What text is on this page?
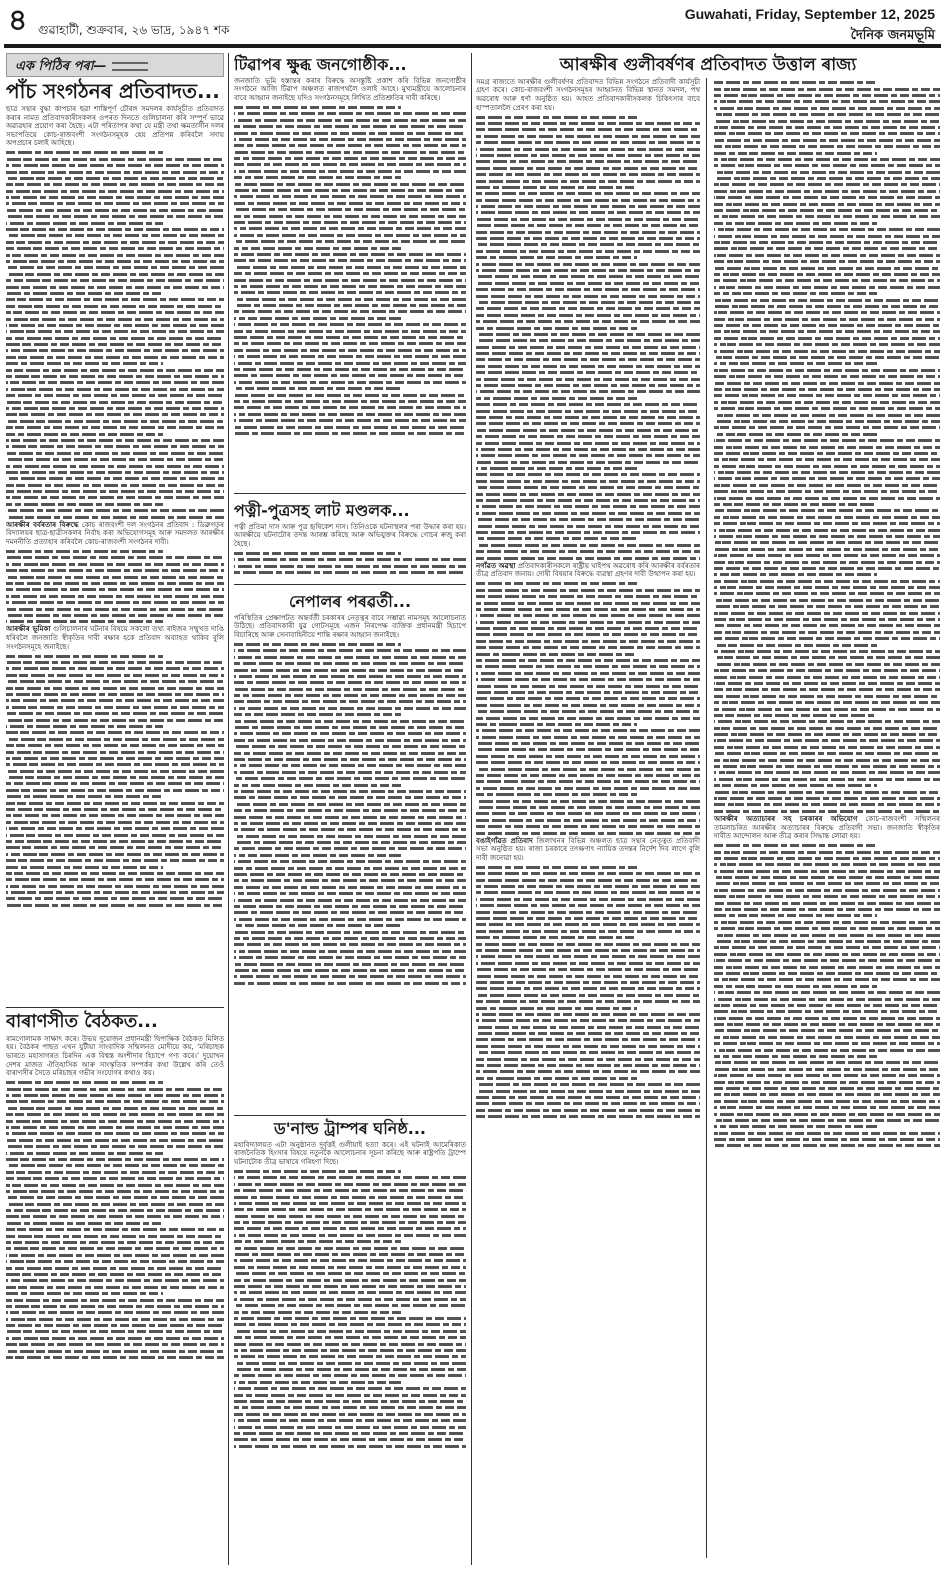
৪ গুৱাহাটী, শুক্ৰবাৰ, ২৬ ভাদ্ৰ, ১৯৪৭ শক
Guwahati, Friday, September 12, 2025
দৈনিক জনমভূমি
এক পিঠিৰ পৰা—
পাঁচ সংগঠনৰ প্ৰতিবাদত...
ছাত্ৰ সন্থাৰ বুদ্ধা কাপচাৰ ছৱা শাস্তিপূৰ্ণ চৌৰঙ্গ সমদলৰ কাৰ্যসূচীত প্ৰতিবাদত কৰাৰ নামত প্ৰতিবাদকাৰীসকলৰ ওপৰত দিনতে গুলিচালনা কৰি সম্পূৰ্ণ ভাৱে অৱ্যৱহাৰ প্ৰয়োগ কৰা হৈছে। এটা পৰিতাপৰ কথা যে মন্ত্ৰী তথা ক্ষমতাসীন দলৰ সভাপতিয়ে কোচ-ৰাজবংশী সংগঠনসমূহক হেয় প্ৰতিপন্ন কৰিবলৈ সদায় অপপ্ৰচাৰ চলাই আহিছে।
আৰক্ষীৰ বৰ্বৰতাৰ বিৰুদ্ধে কোচ ৰাজবংশী দল সংগঠনৰ প্ৰতিবাদ : ডিব্ৰুগড়ৰ বিদ্যালয়ৰ ছাত্ৰ-ছাত্ৰীসকলৰ নিৰ্বাহ কৰা অভিযোগসমূহ আৰু সমদলত আৰক্ষীৰ দমননীতি প্ৰত্যাহাৰ কৰিবলৈ কোচ-ৰাজবংশী সংগঠনৰ দাবী।
আৰক্ষীৰ ভূমিকা গুলিচালনাৰ ঘটনাৰ বিষয়ে সকলো তথ্য ৰাইজৰ সন্মুখত দাঙি ধৰিবলৈ জনজাতি স্বীকৃতিৰ দাবী ৰক্ষাৰ হকে প্ৰতিবাদ অব্যাহত থাকিব বুলি সংগঠনসমূহে জনাইছে।
বাৰাণসীত বৈঠকত...
ৰামগোলামক সাক্ষাৎ কৰে। উভয় দুয়োজন প্ৰধানমন্ত্ৰী দ্বিপাক্ষিক বৈঠকত মিলিত হয়। বৈঠকৰ পাছত এখন যুটীয়া সাংবাদিক সন্মিলনত মোদীয়ে কয়, ‘মৰিচাছক ভাৰতে মহাসাগৰত চিৰদিন এক বিশ্বস্ত অংশীদাৰ হিচাপে গণ্য কৰে।’ দুয়োখন দেশৰ মাজত ঐতিহাসিক আৰু সাংস্কৃতিক সম্পৰ্কৰ কথা উল্লেখ কৰি তেওঁ বাৰাণসীৰ সৈতে মৰিচাছৰ গভীৰ সংযোগৰ কথাও কয়।
টিৱাপৰ ক্ষুব্ধ জনগোষ্ঠীক...
জনজাতি ভূমি হস্তান্তৰ কৰাৰ বিৰুদ্ধে অসন্তুষ্টি প্ৰকাশ কৰি বিভিন্ন জনগোষ্ঠীৰ সংগঠনে আজি টিৱাপ অঞ্চলত ৰাজপথলৈ ওলাই আহে। মুখ্যমন্ত্ৰীয়ে আলোচনাৰ বাবে আহ্বান জনাইছে যদিও সংগঠনসমূহে লিখিত প্ৰতিশ্ৰুতিৰ দাবী কৰিছে।
পত্নী-পুত্ৰসহ লাট মণ্ডলক...
পত্নী প্ৰতিমা দাস আৰু পুত্ৰ হৃষিকেশ দাস। তিনিওকে ঘটনাস্থলৰ পৰা উদ্ধাৰ কৰা হয়। আৰক্ষীয়ে ঘটনাটোৰ তদন্ত আৰম্ভ কৰিছে আৰু অভিযুক্তৰ বিৰুদ্ধে গোচৰ ৰুজু কৰা হৈছে।
নেপালৰ পৰৱৰ্তী...
পৰিস্থিতিৰ প্ৰেক্ষাপটত অন্তৰ্বৰ্তী চৰকাৰৰ নেতৃত্বৰ বাবে সম্ভাৱ্য নামসমূহ আলোচনাত উঠিছে। প্ৰতিবাদকাৰী যুৱ গোটসমূহে এজন নিৰপেক্ষ ব্যক্তিক প্ৰধানমন্ত্ৰী হিচাপে বিচাৰিছে আৰু সেনাবাহিনীয়ে শান্তি ৰক্ষাৰ আহ্বান জনাইছে।
ড'নাল্ড ট্ৰাম্পৰ ঘনিষ্ঠ...
মহাবিদ্যালয়ত এটা অনুষ্ঠানত দুৰ্বৃত্তই গুলীয়াই হত্যা কৰে। এই ঘটনাই আমেৰিকাত ৰাজনৈতিক হিংসাৰ বিষয়ে নতুনকৈ আলোচনাৰ সূচনা কৰিছে আৰু ৰাষ্ট্ৰপতি ট্ৰাম্পে ঘটনাটোক তীব্ৰ ভাষাৰে গৰিহণা দিছে।
আৰক্ষীৰ গুলীবৰ্ষণৰ প্ৰতিবাদত উত্তাল ৰাজ্য
সমগ্ৰ ৰাজ্যতে আৰক্ষীৰ গুলীবৰ্ষণৰ প্ৰতিবাদত বিভিন্ন সংগঠনে প্ৰতিবাদী কাৰ্যসূচী গ্ৰহণ কৰে। কোচ-ৰাজবংশী সংগঠনসমূহৰ আহ্বানত বিভিন্ন স্থানত সমদল, পথ অৱৰোধ আৰু ধৰ্ণা অনুষ্ঠিত হয়। আহত প্ৰতিবাদকাৰীসকলক চিকিৎসাৰ বাবে হাস্পতাললৈ প্ৰেৰণ কৰা হয়।
নগাঁৱত অৱস্থা প্ৰতিবাদকাৰীসকলে ৰাষ্ট্ৰীয় ঘাইপথ অৱৰোধ কৰি আৰক্ষীৰ বৰ্বৰতাৰ তীব্ৰ প্ৰতিবাদ জনায়। দোষী বিষয়াৰ বিৰুদ্ধে ব্যৱস্থা গ্ৰহণৰ দাবী উত্থাপন কৰা হয়।
বঙাইগাঁৱত প্ৰতিবাদ জিলাখনৰ বিভিন্ন অঞ্চলত ছাত্ৰ সন্থাৰ নেতৃত্বত প্ৰতিবাদী সভা অনুষ্ঠিত হয়। ৰাজ্য চৰকাৰে তৎক্ষণাৎ ন্যায়িক তদন্তৰ নিৰ্দেশ দিব লাগে বুলি দাবী জনোৱা হয়।
আৰক্ষীৰ অত্যাচাৰৰ সহ চৰকাৰৰ অভিযোগ কোচ-ৰাজবংশী সন্মিলনৰ তামলাচৰিত আৰক্ষীৰ অত্যাচাৰৰ বিৰুদ্ধে প্ৰতিবাদী সভা। জনজাতি স্বীকৃতিৰ দাবীত আন্দোলন আৰু তীব্ৰ কৰাৰ সিদ্ধান্ত লোৱা হয়।
